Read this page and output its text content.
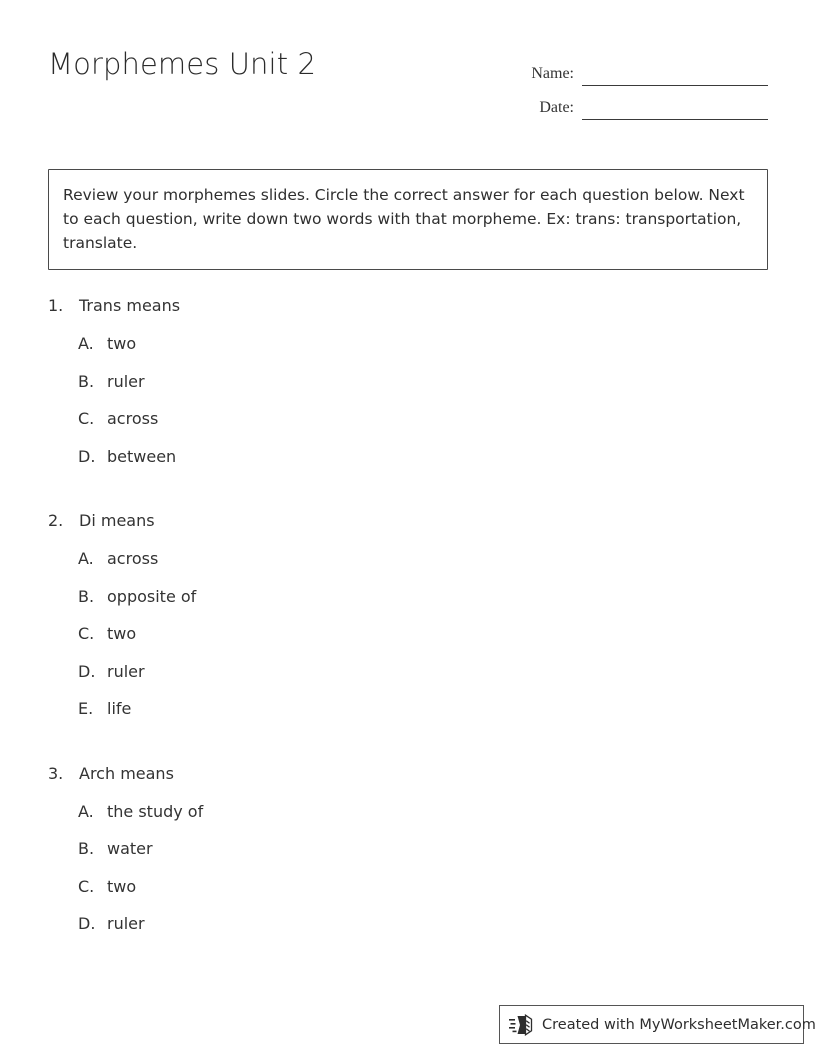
Morphemes Unit 2	Name:
Date:

Review your morphemes slides. Circle the correct answer for each question below. Next to each question, write down two words with that morpheme. Ex: trans: transportation, translate.

1. Trans means
A. two
B. ruler
C. across
D. between
2. Di means
A. across
B. opposite of
C. two
D. ruler
E. life
3. Arch means
A. the study of
B. water
C. two
D. ruler
Created with MyWorksheetMaker.com
